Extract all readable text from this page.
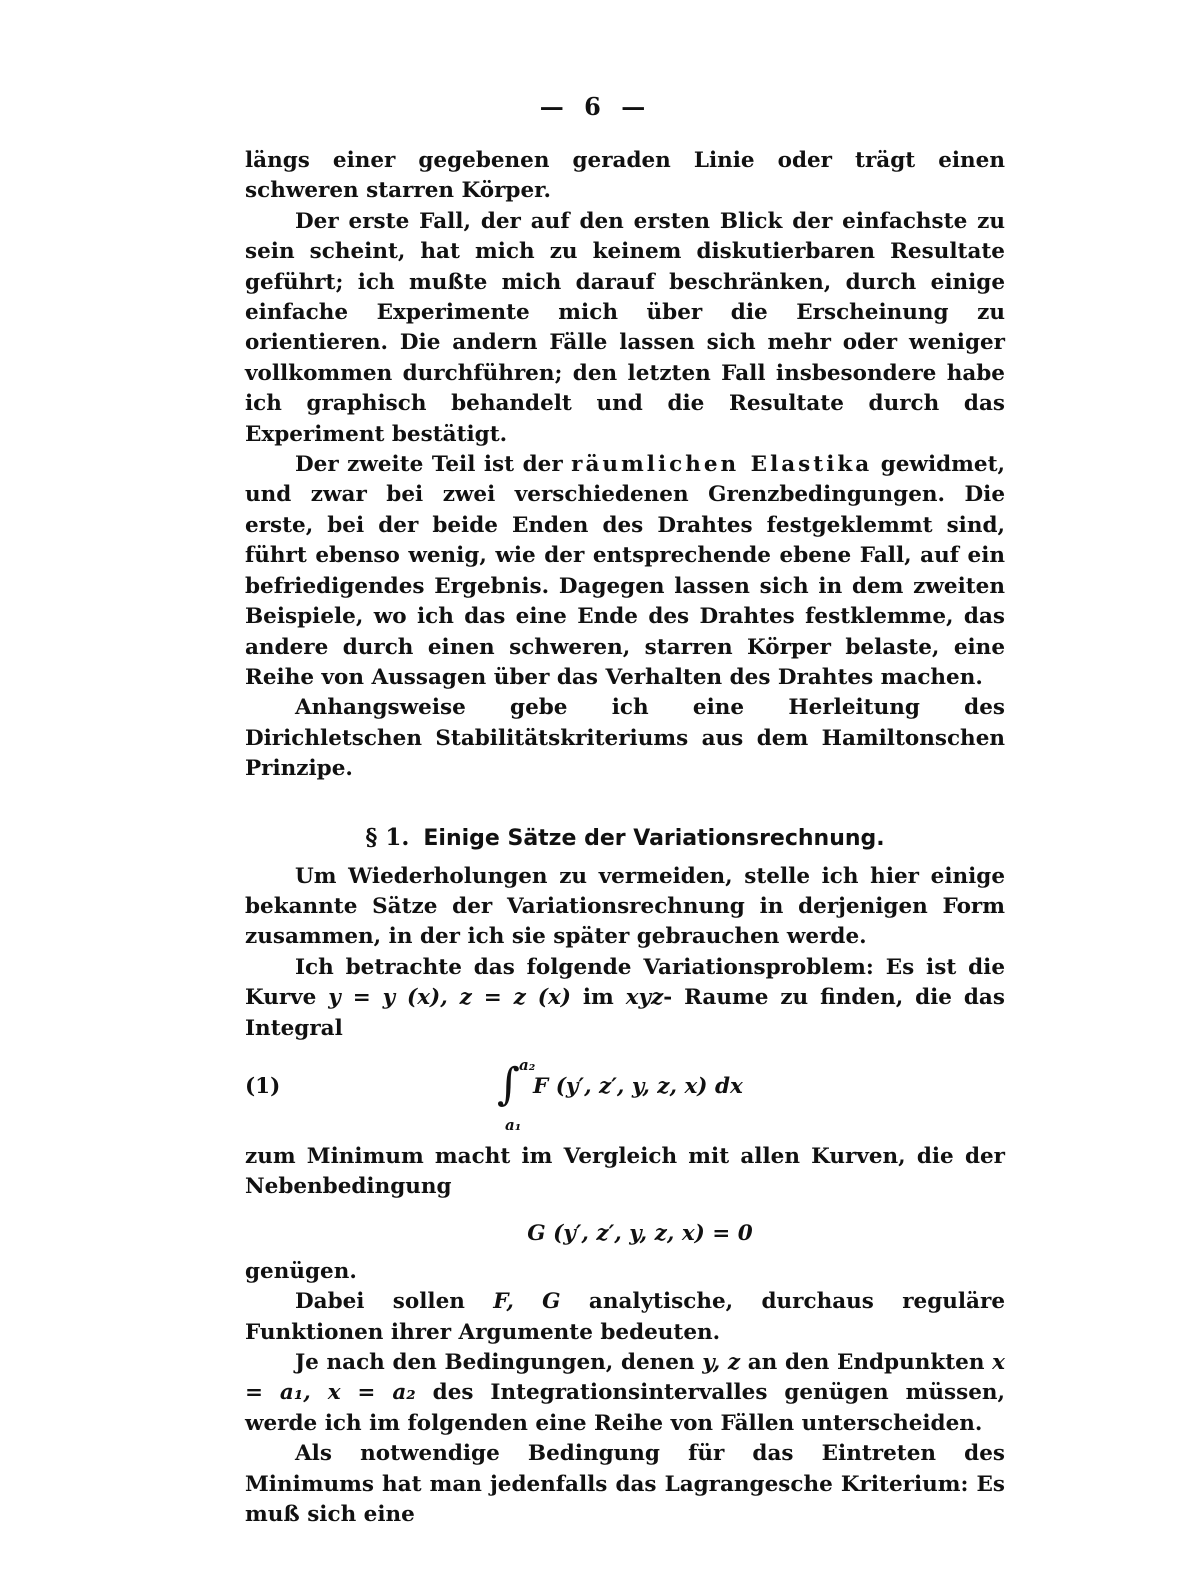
— 6 —

längs einer gegebenen geraden Linie oder trägt einen schweren starren Körper.

Der erste Fall, der auf den ersten Blick der einfachste zu sein scheint, hat mich zu keinem diskutierbaren Resultate geführt; ich mußte mich darauf beschränken, durch einige einfache Experimente mich über die Erscheinung zu orientieren. Die andern Fälle lassen sich mehr oder weniger vollkommen durchführen; den letzten Fall insbesondere habe ich graphisch behandelt und die Resultate durch das Experiment bestätigt.

Der zweite Teil ist der räumlichen Elastika gewidmet, und zwar bei zwei verschiedenen Grenzbedingungen. Die erste, bei der beide Enden des Drahtes festgeklemmt sind, führt ebenso wenig, wie der entsprechende ebene Fall, auf ein befriedigendes Ergebnis. Dagegen lassen sich in dem zweiten Beispiele, wo ich das eine Ende des Drahtes festklemme, das andere durch einen schweren, starren Körper belaste, eine Reihe von Aussagen über das Verhalten des Drahtes machen.

Anhangsweise gebe ich eine Herleitung des Dirichletschen Stabilitätskriteriums aus dem Hamiltonschen Prinzipe.

§ 1. Einige Sätze der Variationsrechnung.

Um Wiederholungen zu vermeiden, stelle ich hier einige bekannte Sätze der Variationsrechnung in derjenigen Form zusammen, in der ich sie später gebrauchen werde.

Ich betrachte das folgende Variationsproblem: Es ist die Kurve y = y (x), z = z (x) im xyz- Raume zu finden, die das Integral

(1)	∫ a₂
a₁
F (y′, z′, y, z, x) dx

zum Minimum macht im Vergleich mit allen Kurven, die der Nebenbedingung

G (y′, z′, y, z, x) = 0

genügen.

Dabei sollen F, G analytische, durchaus reguläre Funktionen ihrer Argumente bedeuten.

Je nach den Bedingungen, denen y, z an den Endpunkten x = a₁, x = a₂ des Integrationsintervalles genügen müssen, werde ich im folgenden eine Reihe von Fällen unterscheiden.

Als notwendige Bedingung für das Eintreten des Minimums hat man jedenfalls das Lagrangesche Kriterium: Es muß sich eine
